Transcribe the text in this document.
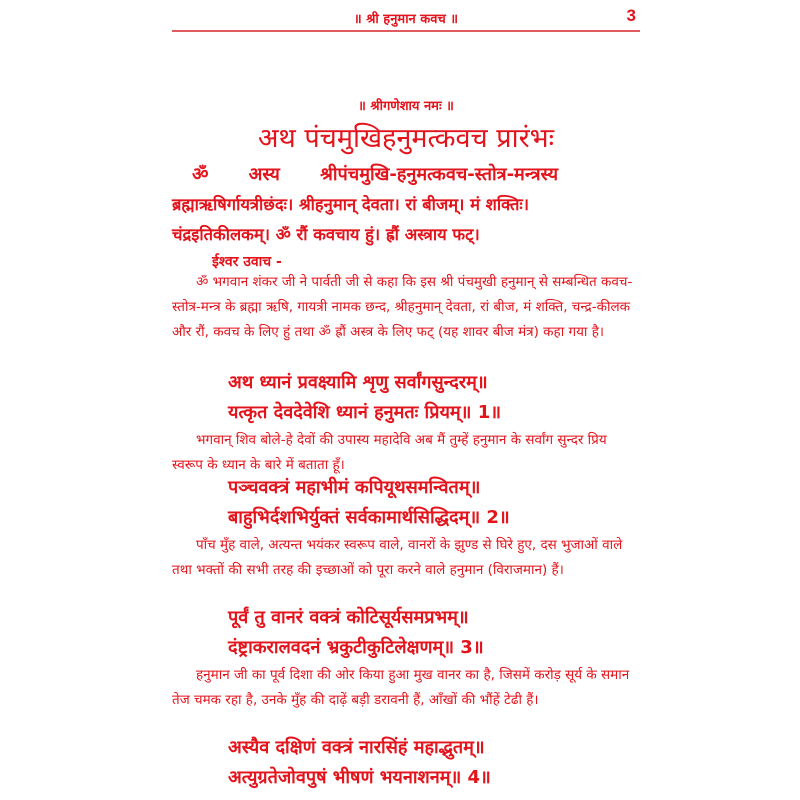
॥ श्री हनुमान कवच ॥	3
॥ श्रीगणेशाय नमः ॥
अथ पंचमुखिहनुमत्कवच प्रारंभः
ॐ अस्य श्रीपंचमुखि-हनुमत्कवच-स्तोत्र-मन्त्रस्य
ब्रह्माऋषिर्गायत्रीछंदः। श्रीहनुमान् देवता। रां बीजम्। मं शक्तिः।
चंद्रइतिकीलकम्। ॐ रौं कवचाय हुं। ह्रौं अस्त्राय फट्।
ईश्वर उवाच -
ॐ भगवान शंकर जी ने पार्वती जी से कहा कि इस श्री पंचमुखी हनुमान् से सम्बन्धित कवच-स्तोत्र-मन्त्र के ब्रह्मा ऋषि, गायत्री नामक छन्द, श्रीहनुमान् देवता, रां बीज, मं शक्ति, चन्द्र-कीलक और रौं, कवच के लिए हुं तथा ॐ ह्रौं अस्त्र के लिए फट् (यह शावर बीज मंत्र) कहा गया है।
अथ ध्यानं प्रवक्ष्यामि शृणु सर्वांगसुन्दरम्॥
यत्कृत देवदेवेशि ध्यानं हनुमतः प्रियम्॥ 1॥
भगवान् शिव बोले-हे देवों की उपास्य महादेवि अब मैं तुम्हें हनुमान के सर्वांग सुन्दर प्रिय स्वरूप के ध्यान के बारे में बताता हूँ।
पञ्चवक्त्रं महाभीमं कपियूथसमन्वितम्॥
बाहुभिर्दशभिर्युक्तं सर्वकामार्थसिद्धिदम्॥ 2॥
पाँच मुँह वाले, अत्यन्त भयंकर स्वरूप वाले, वानरों के झुण्ड से घिरे हुए, दस भुजाओं वाले तथा भक्तों की सभी तरह की इच्छाओं को पूरा करने वाले हनुमान (विराजमान) हैं।
पूर्वं तु वानरं वक्त्रं कोटिसूर्यसमप्रभम्॥
दंष्ट्राकरालवदनं भ्रकुटीकुटिलेक्षणम्॥ 3॥
हनुमान जी का पूर्व दिशा की ओर किया हुआ मुख वानर का है, जिसमें करोड़ सूर्य के समान तेज चमक रहा है, उनके मुँह की दाढ़ें बड़ी डरावनी हैं, आँखों की भौंहें टेढी हैं।
अस्यैव दक्षिणं वक्त्रं नारसिंहं महाद्भुतम्॥
अत्युग्रतेजोवपुषं भीषणं भयनाशनम्॥ 4॥
